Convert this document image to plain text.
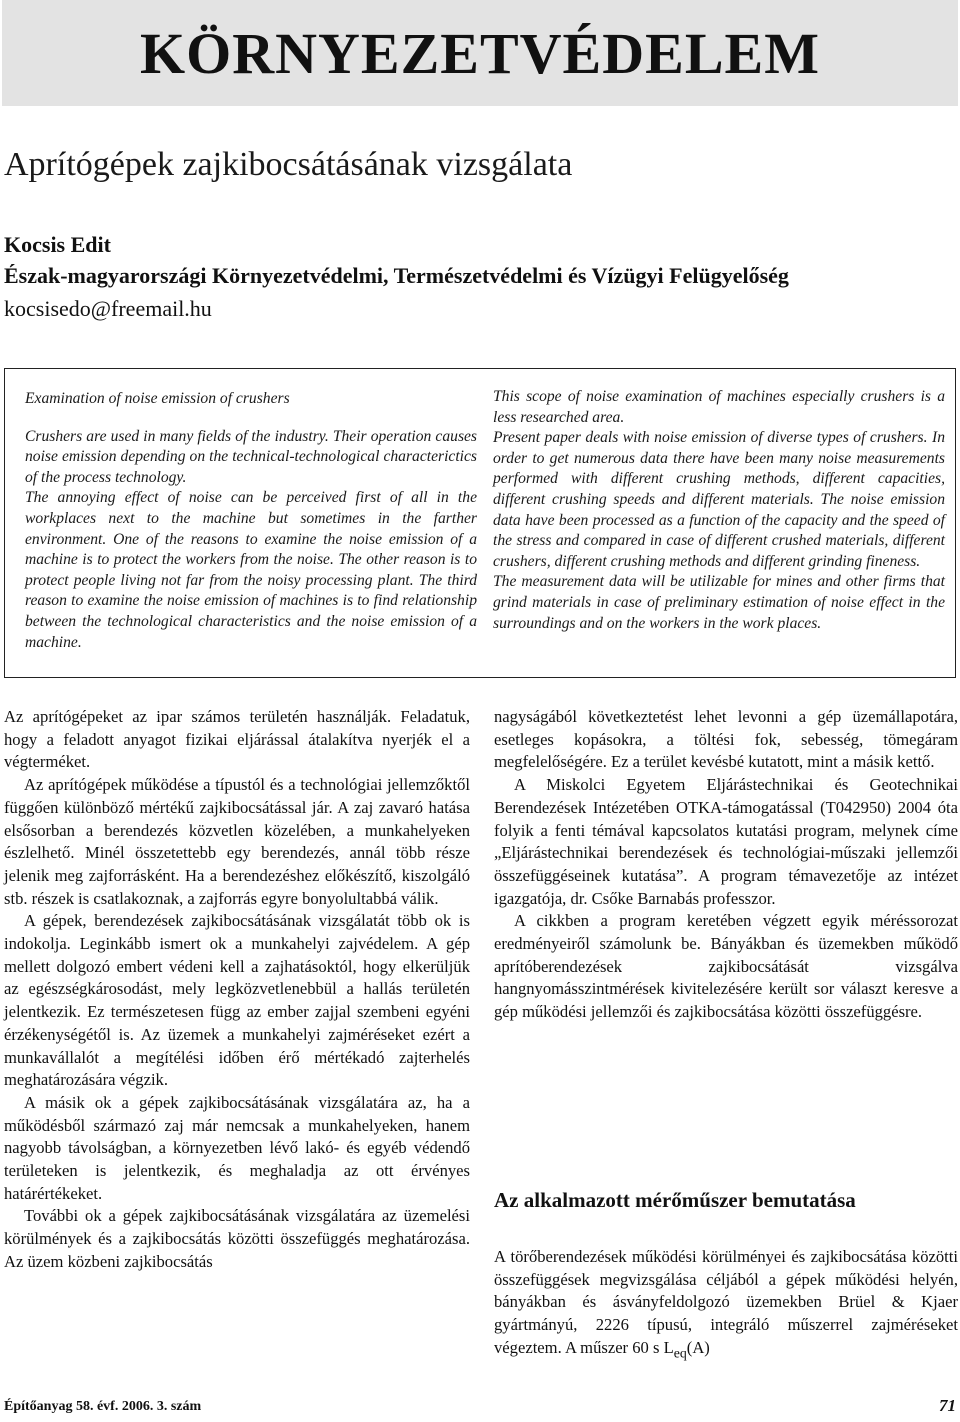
KÖRNYEZETVÉDELEM
Aprítógépek zajkibocsátásának vizsgálata
Kocsis Edit
Észak-magyarországi Környezetvédelmi, Természetvédelmi és Vízügyi Felügyelőség
kocsisedo@freemail.hu
Examination of noise emission of crushers

Crushers are used in many fields of the industry. Their operation causes noise emission depending on the technical-technological characterictics of the process technology.

The annoying effect of noise can be perceived first of all in the workplaces next to the machine but sometimes in the farther environment. One of the reasons to examine the noise emission of a machine is to protect the workers from the noise. The other reason is to protect people living not far from the noisy processing plant. The third reason to examine the noise emission of machines is to find relationship between the technological characteristics and the noise emission of a machine.

This scope of noise examination of machines especially crushers is a less researched area.

Present paper deals with noise emission of diverse types of crushers. In order to get numerous data there have been many noise measurements performed with different crushing methods, different capacities, different crushing speeds and different materials. The noise emission data have been processed as a function of the capacity and the speed of the stress and compared in case of different crushed materials, different crushers, different crushing methods and different grinding fineness.

The measurement data will be utilizable for mines and other firms that grind materials in case of preliminary estimation of noise effect in the surroundings and on the workers in the work places.

Az aprítógépeket az ipar számos területén használják. Feladatuk, hogy a feladott anyagot fizikai eljárással átalakítva nyerjék el a végterméket.

Az aprítógépek működése a típustól és a technológiai jellemzőktől függően különböző mértékű zajkibocsátással jár. A zaj zavaró hatása elsősorban a berendezés közvetlen közelében, a munkahelyeken észlelhető. Minél összetettebb egy berendezés, annál több része jelenik meg zajforrásként. Ha a berendezéshez előkészítő, kiszolgáló stb. részek is csatlakoznak, a zajforrás egyre bonyolultabbá válik.

A gépek, berendezések zajkibocsátásának vizsgálatát több ok is indokolja. Leginkább ismert ok a munkahelyi zajvédelem. A gép mellett dolgozó embert védeni kell a zajhatásoktól, hogy elkerüljük az egészségkárosodást, mely legközvetlenebbül a hallás területén jelentkezik. Ez természetesen függ az ember zajjal szembeni egyéni érzékenységétől is. Az üzemek a munkahelyi zajméréseket ezért a munkavállalót a megítélési időben érő mértékadó zajterhelés meghatározására végzik.

A másik ok a gépek zajkibocsátásának vizsgálatára az, ha a működésből származó zaj már nemcsak a munkahelyeken, hanem nagyobb távolságban, a környezetben lévő lakó- és egyéb védendő területeken is jelentkezik, és meghaladja az ott érvényes határértékeket.

További ok a gépek zajkibocsátásának vizsgálatára az üzemelési körülmények és a zajkibocsátás közötti összefüggés meghatározása. Az üzem közbeni zajkibocsátás

nagyságából következtetést lehet levonni a gép üzemállapotára, esetleges kopásokra, a töltési fok, sebesség, tömegáram megfelelőségére. Ez a terület kevésbé kutatott, mint a másik kettő.

A Miskolci Egyetem Eljárástechnikai és Geotechnikai Berendezések Intézetében OTKA-támogatással (T042950) 2004 óta folyik a fenti témával kapcsolatos kutatási program, melynek címe „Eljárástechnikai berendezések és technológiai-műszaki jellemzői összefüggéseinek kutatása”. A program témavezetője az intézet igazgatója, dr. Csőke Barnabás professzor.

A cikkben a program keretében végzett egyik méréssorozat eredményeiről számolunk be. Bányákban és üzemekben működő aprítóberendezések zajkibocsátását vizsgálva hangnyomásszintmérések kivitelezésére került sor választ keresve a gép működési jellemzői és zajkibocsátása közötti összefüggésre.

Az alkalmazott mérőműszer bemutatása

A törőberendezések működési körülményei és zajkibocsátása közötti összefüggések megvizsgálása céljából a gépek működési helyén, bányákban és ásványfeldolgozó üzemekben Brüel & Kjaer gyártmányú, 2226 típusú, integráló műszerrel zajméréseket végeztem. A műszer 60 s $L_{eq}(A)$

Építőanyag 58. évf. 2006. 3. szám	71
